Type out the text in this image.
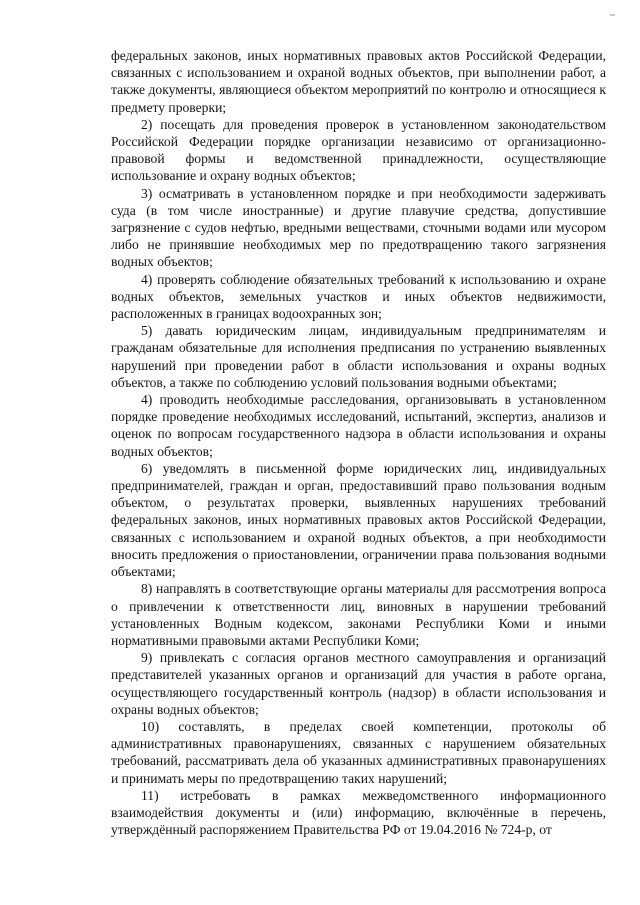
федеральных законов, иных нормативных правовых актов Российской Федерации, связанных с использованием и охраной водных объектов, при выполнении работ, а также документы, являющиеся объектом мероприятий по контролю и относящиеся к предмету проверки;

2) посещать для проведения проверок в установленном законодательством Российской Федерации порядке организации независимо от организационно-правовой формы и ведомственной принадлежности, осуществляющие использование и охрану водных объектов;

3) осматривать в установленном порядке и при необходимости задерживать суда (в том числе иностранные) и другие плавучие средства, допустившие загрязнение с судов нефтью, вредными веществами, сточными водами или мусором либо не принявшие необходимых мер по предотвращению такого загрязнения водных объектов;

4) проверять соблюдение обязательных требований к использованию и охране водных объектов, земельных участков и иных объектов недвижимости, расположенных в границах водоохранных зон;

5) давать юридическим лицам, индивидуальным предпринимателям и гражданам обязательные для исполнения предписания по устранению выявленных нарушений при проведении работ в области использования и охраны водных объектов, а также по соблюдению условий пользования водными объектами;

4) проводить необходимые расследования, организовывать в установленном порядке проведение необходимых исследований, испытаний, экспертиз, анализов и оценок по вопросам государственного надзора в области использования и охраны водных объектов;

6) уведомлять в письменной форме юридических лиц, индивидуальных предпринимателей, граждан и орган, предоставивший право пользования водным объектом, о результатах проверки, выявленных нарушениях требований федеральных законов, иных нормативных правовых актов Российской Федерации, связанных с использованием и охраной водных объектов, а при необходимости вносить предложения о приостановлении, ограничении права пользования водными объектами;

8) направлять в соответствующие органы материалы для рассмотрения вопроса о привлечении к ответственности лиц, виновных в нарушении требований установленных Водным кодексом, законами Республики Коми и иными нормативными правовыми актами Республики Коми;

9) привлекать с согласия органов местного самоуправления и организаций представителей указанных органов и организаций для участия в работе органа, осуществляющего государственный контроль (надзор) в области использования и охраны водных объектов;

10) составлять, в пределах своей компетенции, протоколы об административных правонарушениях, связанных с нарушением обязательных требований, рассматривать дела об указанных административных правонарушениях и принимать меры по предотвращению таких нарушений;

11) истребовать в рамках межведомственного информационного взаимодействия документы и (или) информацию, включённые в перечень, утверждённый распоряжением Правительства РФ от 19.04.2016 № 724-р, от
